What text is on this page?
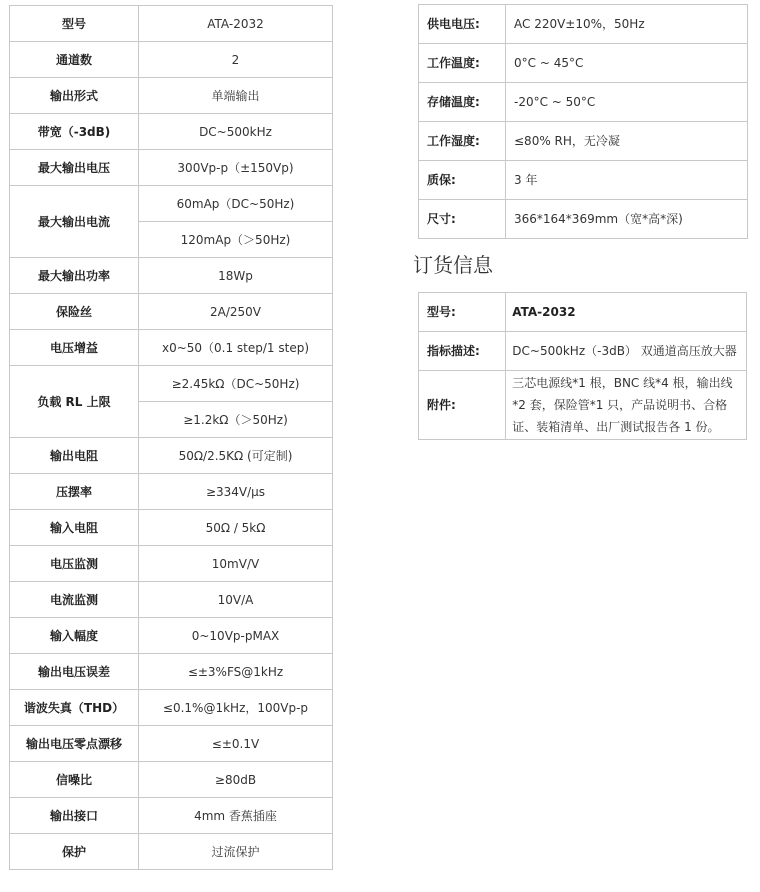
型号	ATA-2032
通道数	2
输出形式	单端输出
带宽（-3dB)	DC~500kHz
最大输出电压	300Vp-p（±150Vp)
最大输出电流	60mAp（DC~50Hz)
	120mAp（＞50Hz)
最大输出功率	18Wp
保险丝	2A/250V
电压增益	x0~50（0.1 step/1 step)
负载 RL 上限	≥2.45kΩ（DC~50Hz)
	≥1.2kΩ（＞50Hz)
输出电阻	50Ω/2.5KΩ (可定制)
压摆率	≥334V/μs
输入电阻	50Ω / 5kΩ
电压监测	10mV/V
电流监测	10V/A
输入幅度	0~10Vp-pMAX
输出电压误差	≤±3%FS@1kHz
谐波失真（THD）	≤0.1%@1kHz，100Vp-p
输出电压零点漂移	≤±0.1V
信噪比	≥80dB
输出接口	4mm 香蕉插座
保护	过流保护
供电电压:	AC 220V±10%，50Hz
工作温度:	0°C ~ 45°C
存储温度:	-20°C ~ 50°C
工作湿度:	≤80% RH，无冷凝
质保:	3 年
尺寸:	366*164*369mm（宽*高*深)
订货信息
型号:	ATA-2032
指标描述:	DC~500kHz（-3dB） 双通道高压放大器
附件:	三芯电源线*1 根，BNC 线*4 根，输出线*2 套，保险管*1 只，产品说明书、合格证、装箱清单、出厂测试报告各 1 份。
